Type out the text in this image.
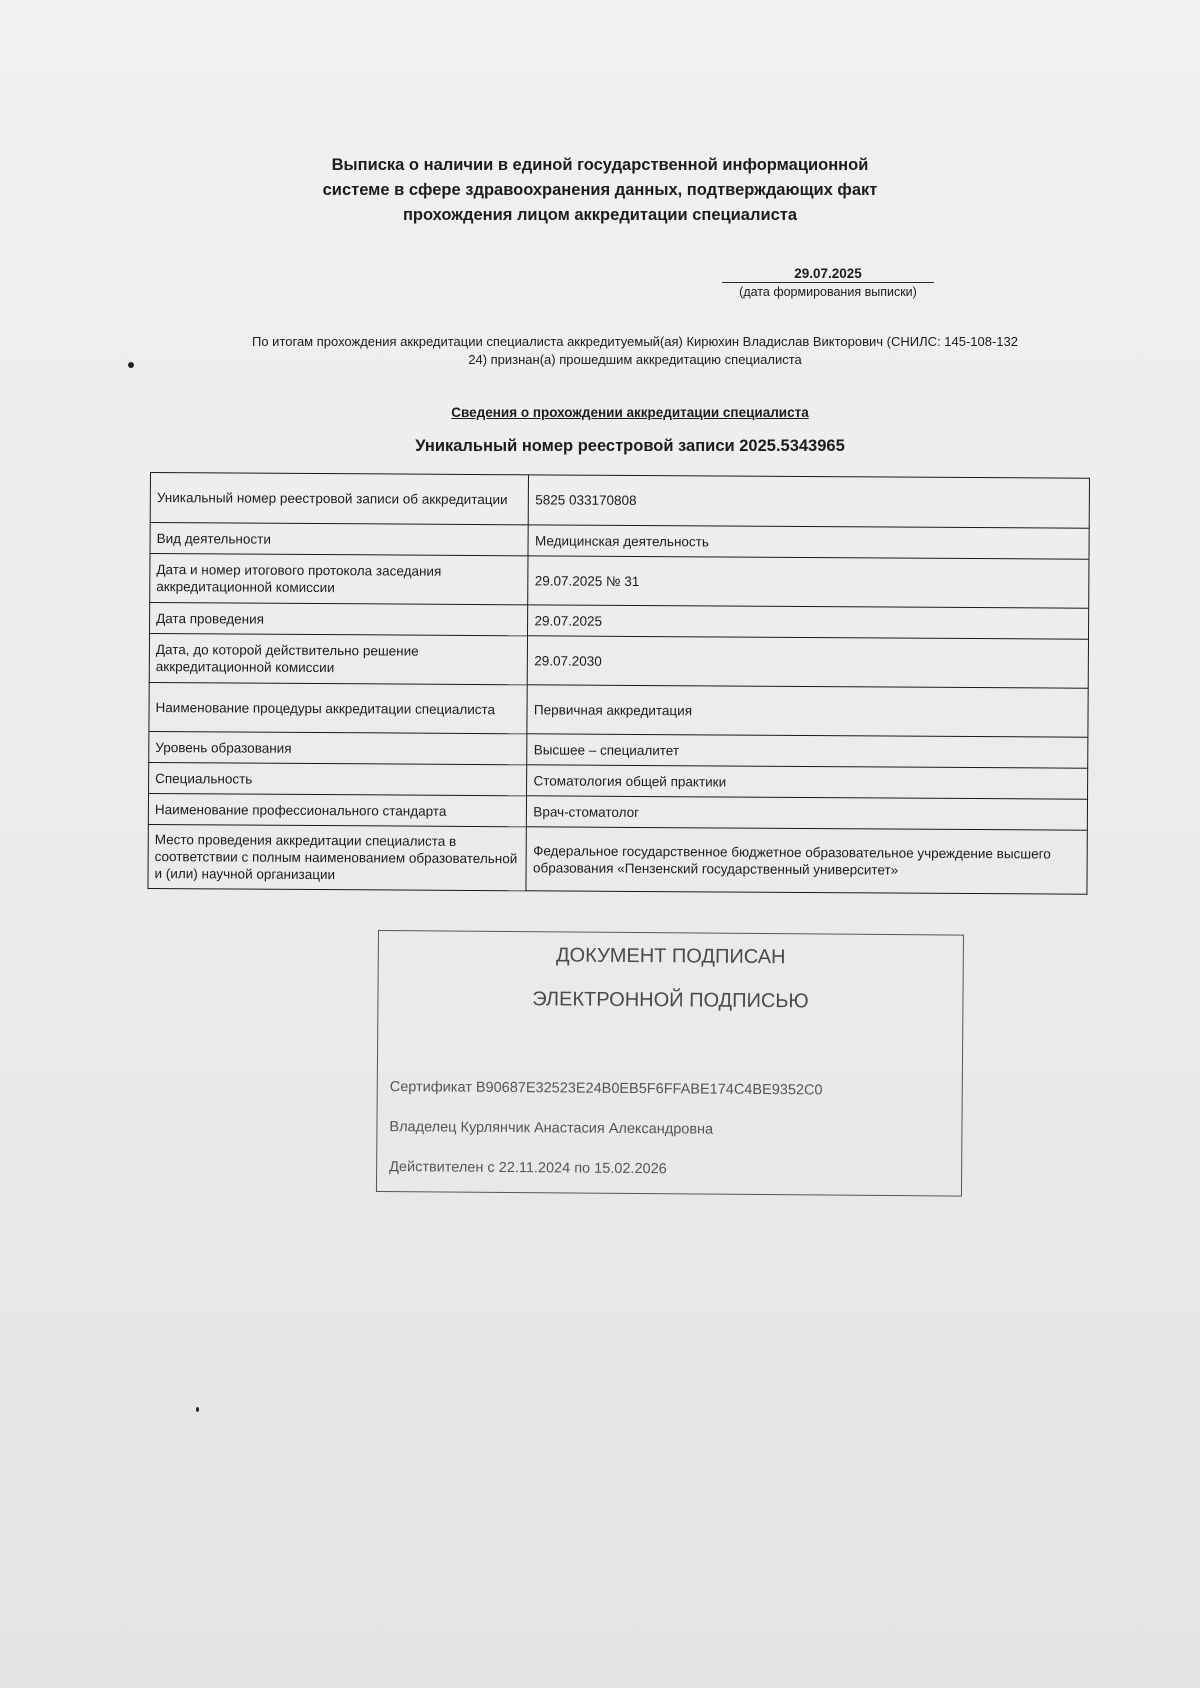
Выписка о наличии в единой государственной информационной
системе в сфере здравоохранения данных, подтверждающих факт
прохождения лицом аккредитации специалиста
29.07.2025
(дата формирования выписки)
По итогам прохождения аккредитации специалиста аккредитуемый(ая) Кирюхин Владислав Викторович (СНИЛС: 145-108-132
24) признан(а) прошедшим аккредитацию специалиста
Сведения о прохождении аккредитации специалиста
Уникальный номер реестровой записи 2025.5343965
Уникальный номер реестровой записи об аккредитации	5825 033170808
Вид деятельности	Медицинская деятельность
Дата и номер итогового протокола заседания аккредитационной комиссии	29.07.2025 № 31
Дата проведения	29.07.2025
Дата, до которой действительно решение аккредитационной комиссии	29.07.2030
Наименование процедуры аккредитации специалиста	Первичная аккредитация
Уровень образования	Высшее – специалитет
Специальность	Стоматология общей практики
Наименование профессионального стандарта	Врач-стоматолог
Место проведения аккредитации специалиста в соответствии с полным наименованием образовательной и (или) научной организации	Федеральное государственное бюджетное образовательное учреждение высшего образования «Пензенский государственный университет»
ДОКУМЕНТ ПОДПИСАН
ЭЛЕКТРОННОЙ ПОДПИСЬЮ
Сертификат B90687E32523E24B0EB5F6FFABE174C4BE9352C0
Владелец Курлянчик Анастасия Александровна
Действителен с 22.11.2024 по 15.02.2026
